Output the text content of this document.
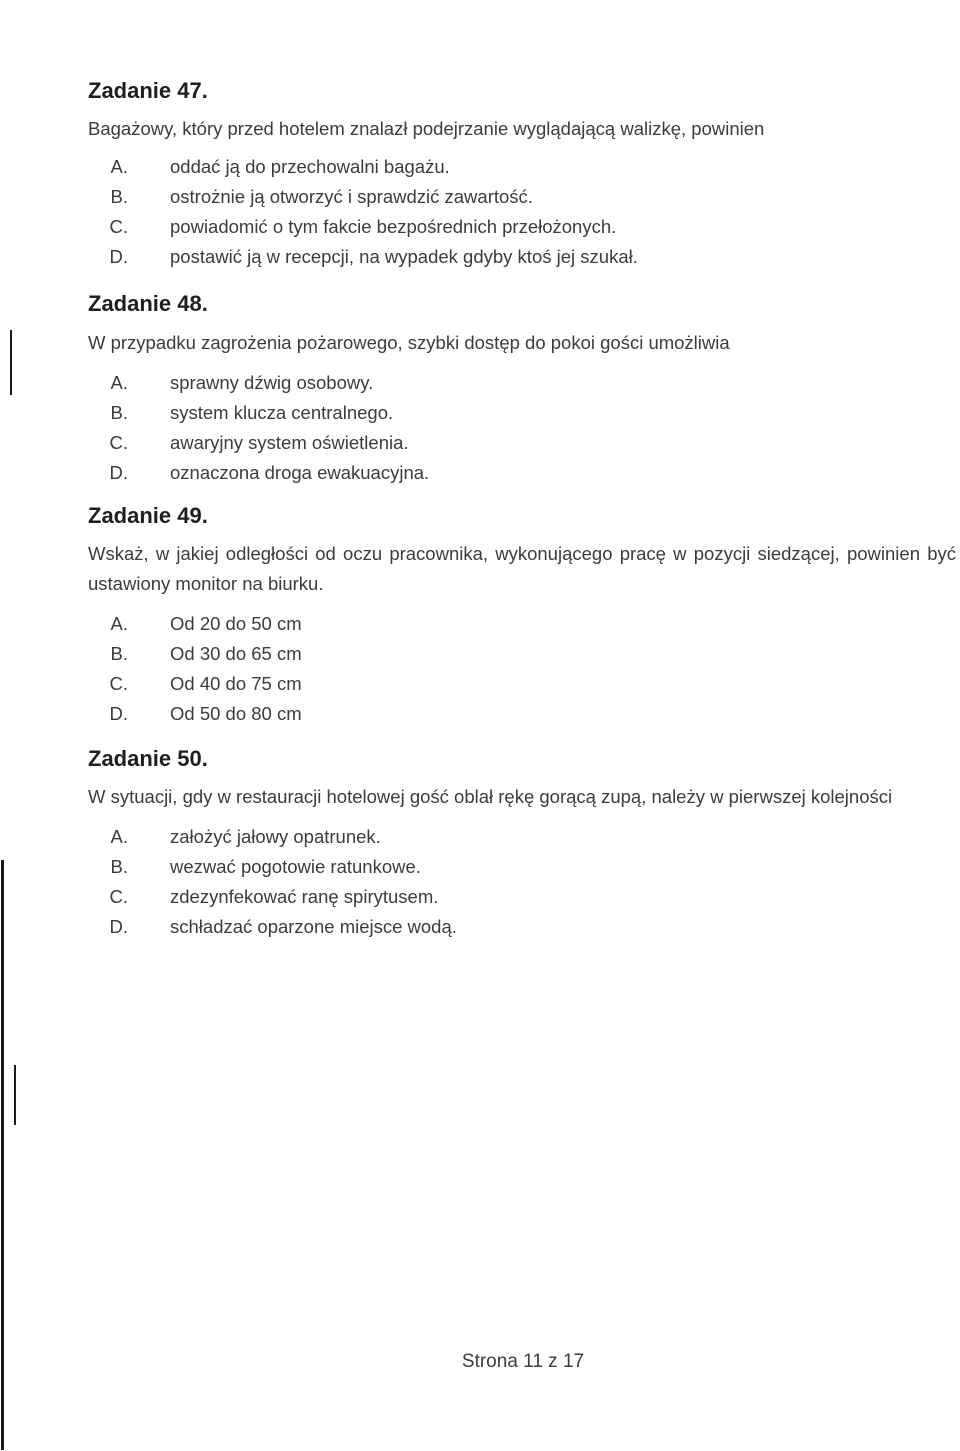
Zadanie 47.

Bagażowy, który przed hotelem znalazł podejrzanie wyglądającą walizkę, powinien

A.	oddać ją do przechowalni bagażu.
B.	ostrożnie ją otworzyć i sprawdzić zawartość.
C.	powiadomić o tym fakcie bezpośrednich przełożonych.
D.	postawić ją w recepcji, na wypadek gdyby ktoś jej szukał.
Zadanie 48.

W przypadku zagrożenia pożarowego, szybki dostęp do pokoi gości umożliwia

A.	sprawny dźwig osobowy.
B.	system klucza centralnego.
C.	awaryjny system oświetlenia.
D.	oznaczona droga ewakuacyjna.
Zadanie 49.

Wskaż, w jakiej odległości od oczu pracownika, wykonującego pracę w pozycji siedzącej, powinien być ustawiony monitor na biurku.

A.	Od 20 do 50 cm
B.	Od 30 do 65 cm
C.	Od 40 do 75 cm
D.	Od 50 do 80 cm
Zadanie 50.

W sytuacji, gdy w restauracji hotelowej gość oblał rękę gorącą zupą, należy w pierwszej kolejności

A.	założyć jałowy opatrunek.
B.	wezwać pogotowie ratunkowe.
C.	zdezynfekować ranę spirytusem.
D.	schładzać oparzone miejsce wodą.
Strona 11 z 17
